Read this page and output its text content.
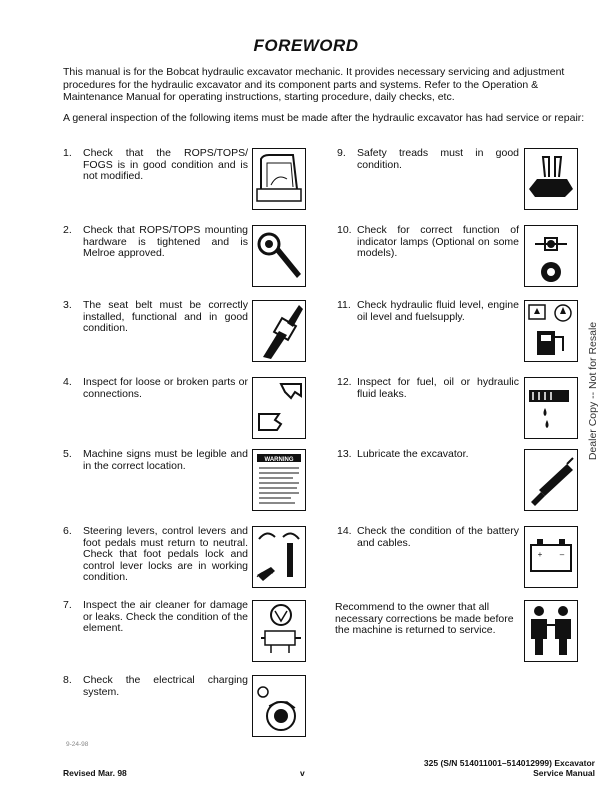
FOREWORD
This manual is for the Bobcat hydraulic excavator mechanic. It provides necessary servicing and adjustment procedures for the hydraulic excavator and its component parts and systems. Refer to the Operation & Maintenance Manual for operating instructions, starting procedure, daily checks, etc.
A general inspection of the following items must be made after the hydraulic excavator has had service or repair:
1. Check that the ROPS/TOPS/ FOGS is in good condition and is not modified.
2. Check that ROPS/TOPS mounting hardware is tightened and is Melroe approved.
3. The seat belt must be correctly installed, functional and in good condition.
4. Inspect for loose or broken parts or connections.
5. Machine signs must be legible and in the correct location.
6. Steering levers, control levers and foot pedals must return to neutral. Check that foot pedals lock and control lever locks are in working condition.
7. Inspect the air cleaner for damage or leaks. Check the condition of the element.
8. Check the electrical charging system.
9. Safety treads must in good condition.
10. Check for correct function of indicator lamps (Optional on some models).
11. Check hydraulic fluid level, engine oil level and fuelsupply.
12. Inspect for fuel, oil or hydraulic fluid leaks.
13. Lubricate the excavator.
14. Check the condition of the battery and cables.
Recommend to the owner that all necessary corrections be made before the machine is returned to service.
WARNING
+ –
Dealer Copy -- Not for Resale
9-24-98
Revised Mar. 98	v
325 (S/N 514011001–514012999) Excavator
Service Manual
